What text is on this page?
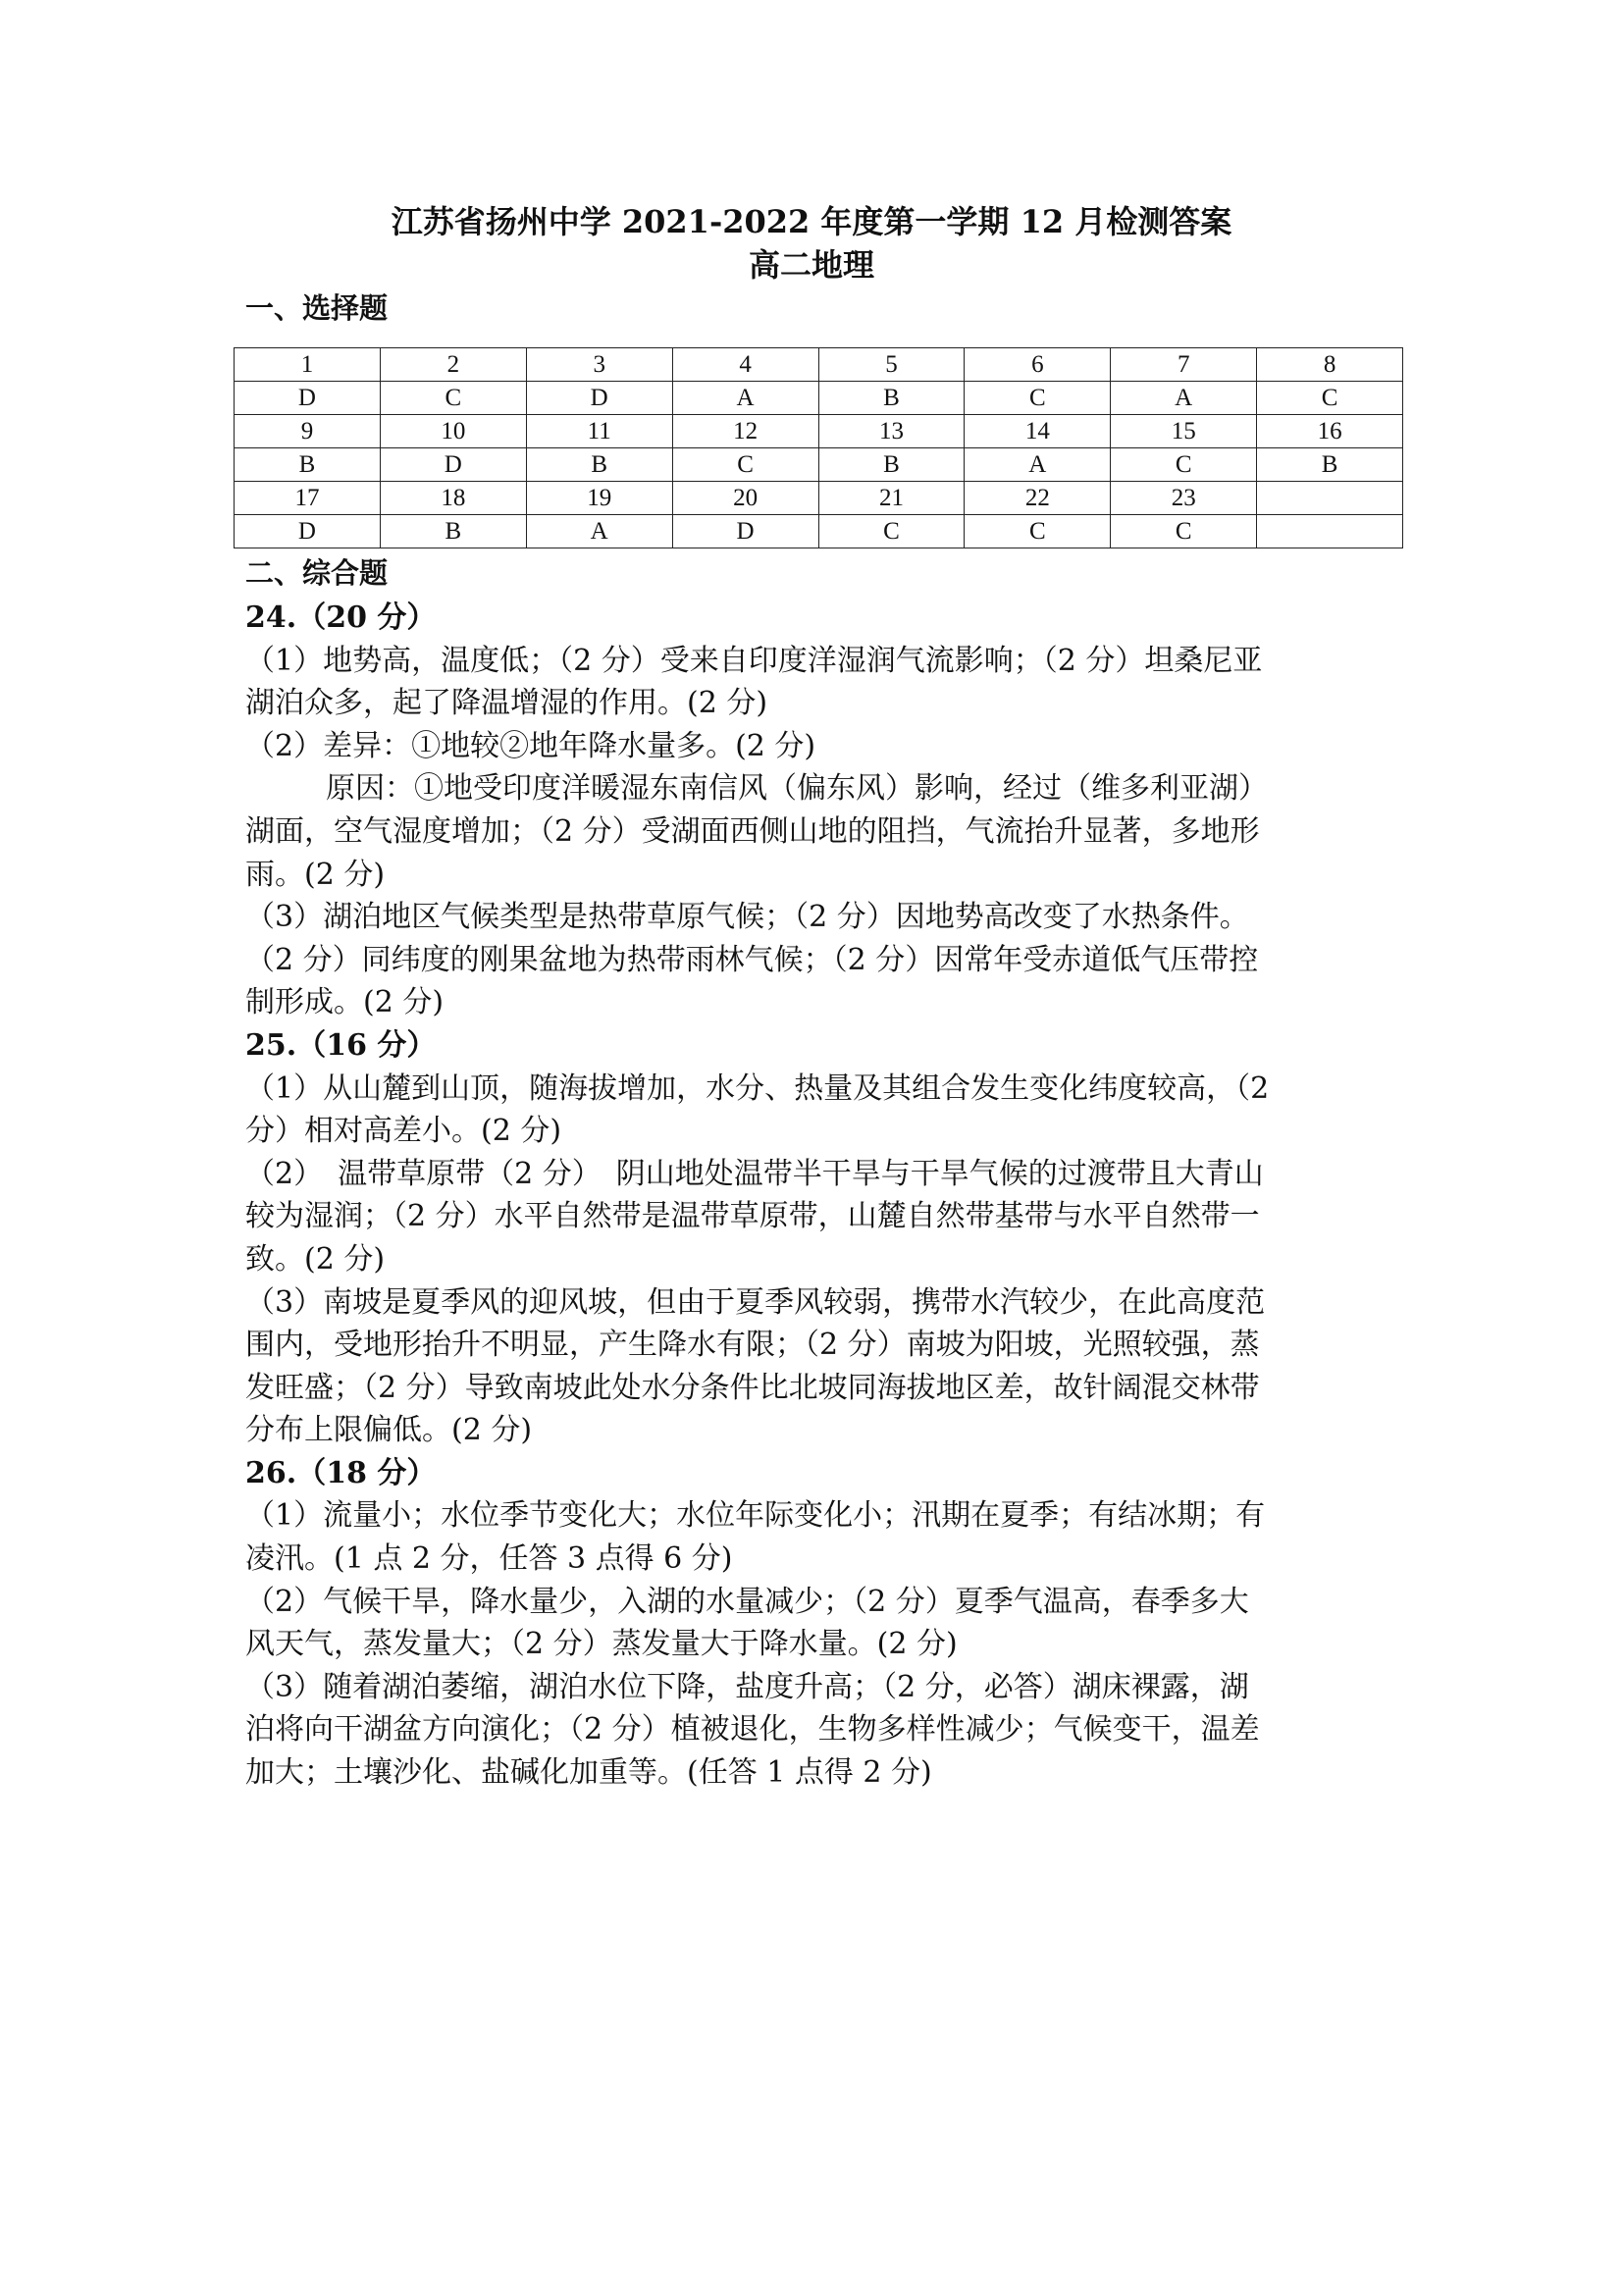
江苏省扬州中学 2021-2022 年度第一学期 12 月检测答案
高二地理
一、选择题
1	2	3	4	5	6	7	8
D	C	D	A	B	C	A	C
9	10	11	12	13	14	15	16
B	D	B	C	B	A	C	B
17	18	19	20	21	22	23	
D	B	A	D	C	C	C	
二、综合题
24.（20 分）
（1）地势高，温度低；（2 分）受来自印度洋湿润气流影响；（2 分）坦桑尼亚
湖泊众多，起了降温增湿的作用。(2 分)
（2）差异：①地较②地年降水量多。(2 分)
原因：①地受印度洋暖湿东南信风（偏东风）影响，经过（维多利亚湖）
湖面，空气湿度增加；（2 分）受湖面西侧山地的阻挡，气流抬升显著，多地形
雨。(2 分)
（3）湖泊地区气候类型是热带草原气候；（2 分）因地势高改变了水热条件。
（2 分）同纬度的刚果盆地为热带雨林气候；（2 分）因常年受赤道低气压带控
制形成。(2 分)
25.（16 分）
（1）从山麓到山顶，随海拔增加，水分、热量及其组合发生变化纬度较高，（2
分）相对高差小。(2 分)
（2）　温带草原带（2 分）　阴山地处温带半干旱与干旱气候的过渡带且大青山
较为湿润；（2 分）水平自然带是温带草原带，山麓自然带基带与水平自然带一
致。(2 分)
（3）南坡是夏季风的迎风坡，但由于夏季风较弱，携带水汽较少，在此高度范
围内，受地形抬升不明显，产生降水有限；（2 分）南坡为阳坡，光照较强，蒸
发旺盛；（2 分）导致南坡此处水分条件比北坡同海拔地区差，故针阔混交林带
分布上限偏低。(2 分)
26.（18 分）
（1）流量小；水位季节变化大；水位年际变化小；汛期在夏季；有结冰期；有
凌汛。(1 点 2 分，任答 3 点得 6 分)
（2）气候干旱，降水量少，入湖的水量减少；（2 分）夏季气温高，春季多大
风天气，蒸发量大；（2 分）蒸发量大于降水量。(2 分)
（3）随着湖泊萎缩，湖泊水位下降，盐度升高；（2 分，必答）湖床裸露，湖
泊将向干湖盆方向演化；（2 分）植被退化，生物多样性减少；气候变干，温差
加大；土壤沙化、盐碱化加重等。(任答 1 点得 2 分)
